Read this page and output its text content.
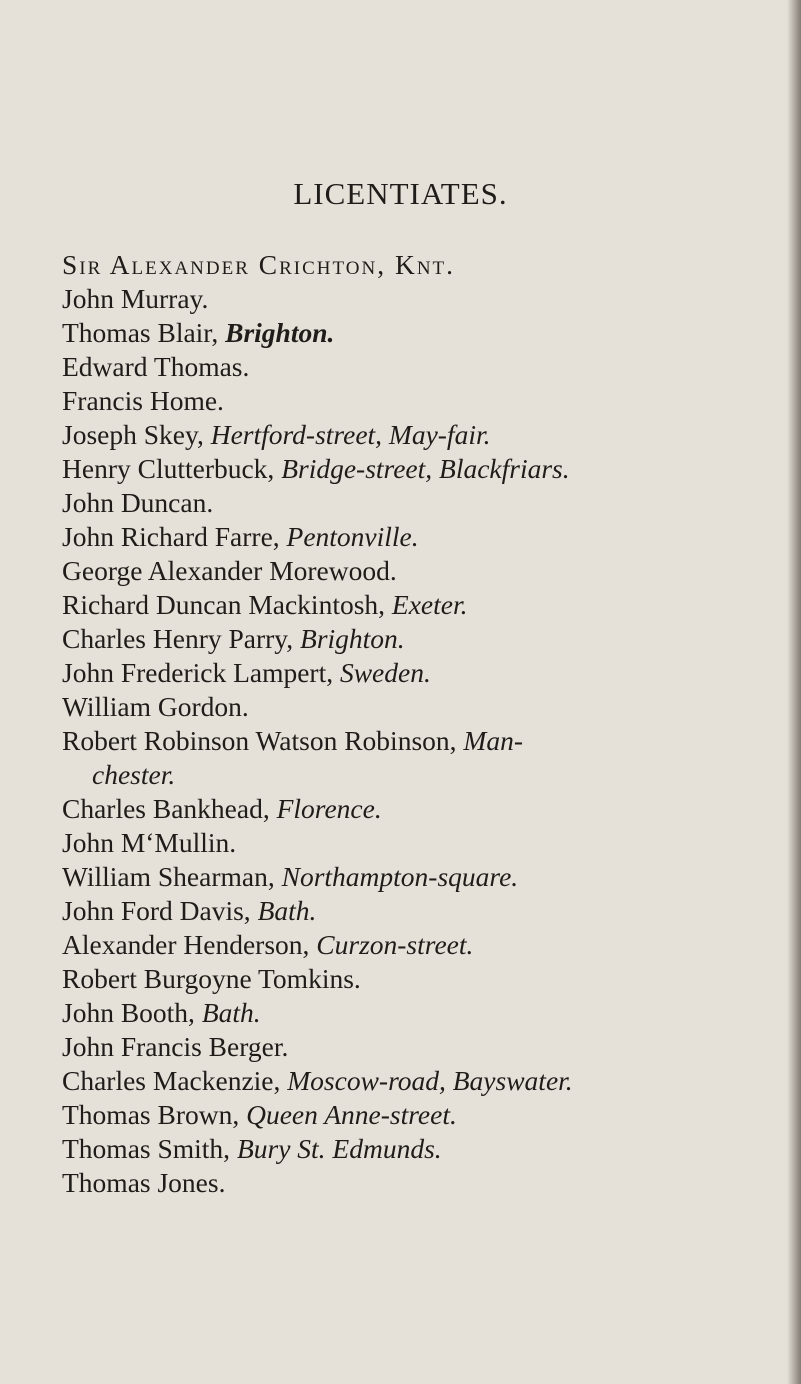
LICENTIATES.
Sir Alexander Crichton, Knt.
John Murray.
Thomas Blair, Brighton.
Edward Thomas.
Francis Home.
Joseph Skey, Hertford-street, May-fair.
Henry Clutterbuck, Bridge-street, Blackfriars.
John Duncan.
John Richard Farre, Pentonville.
George Alexander Morewood.
Richard Duncan Mackintosh, Exeter.
Charles Henry Parry, Brighton.
John Frederick Lampert, Sweden.
William Gordon.
Robert Robinson Watson Robinson, Man-
chester.
Charles Bankhead, Florence.
John M‘Mullin.
William Shearman, Northampton-square.
John Ford Davis, Bath.
Alexander Henderson, Curzon-street.
Robert Burgoyne Tomkins.
John Booth, Bath.
John Francis Berger.
Charles Mackenzie, Moscow-road, Bayswater.
Thomas Brown, Queen Anne-street.
Thomas Smith, Bury St. Edmunds.
Thomas Jones.
